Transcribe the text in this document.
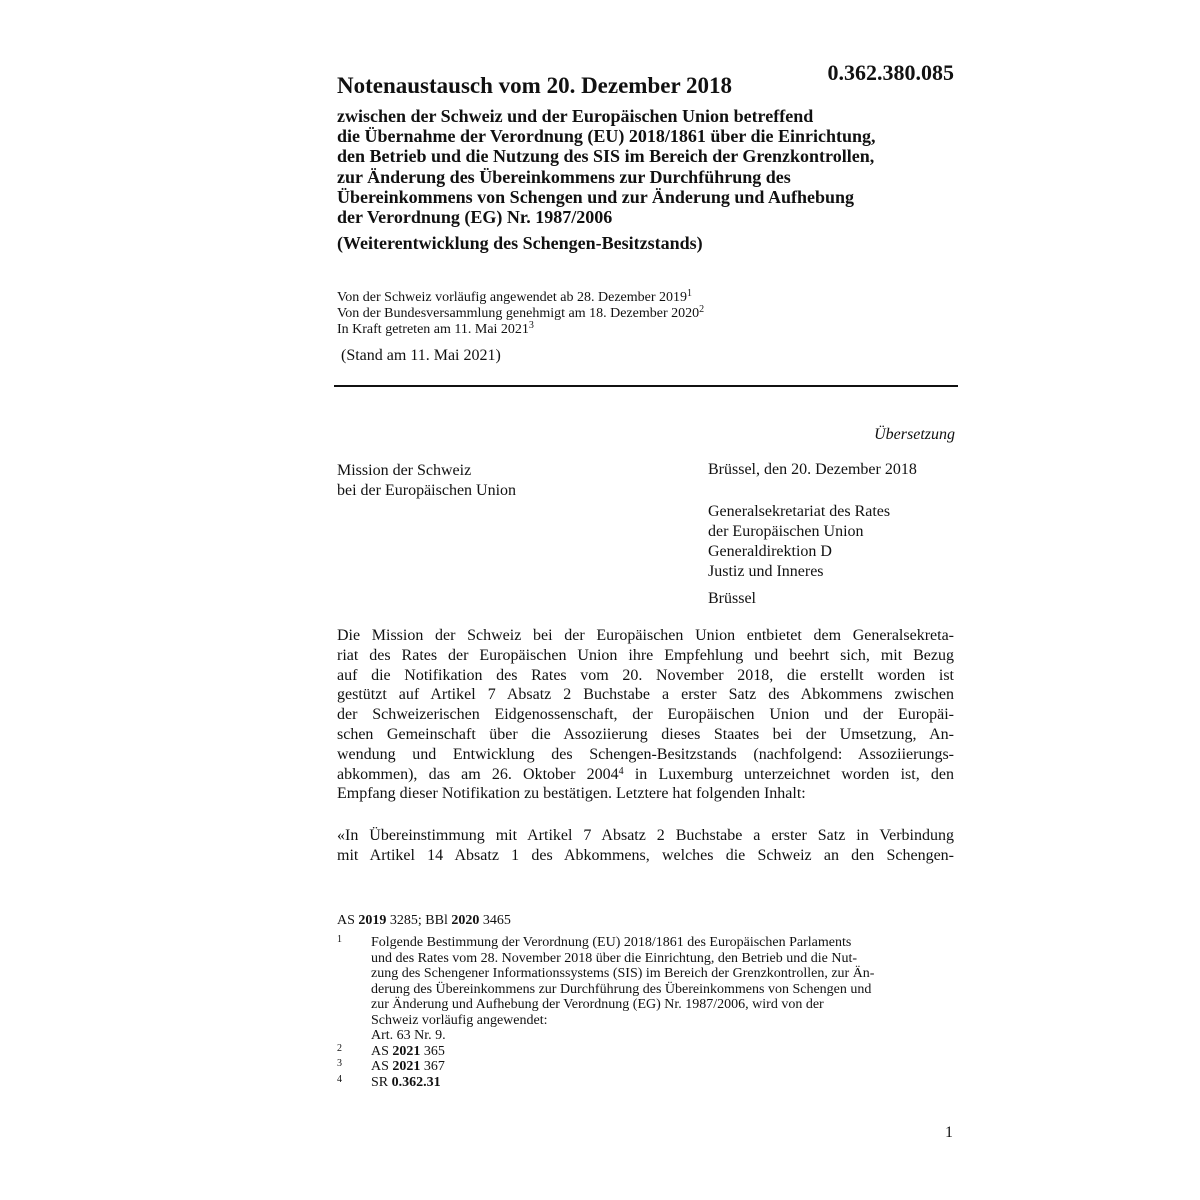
0.362.380.085
Notenaustausch vom 20. Dezember 2018
zwischen der Schweiz und der Europäischen Union betreffend
die Übernahme der Verordnung (EU) 2018/1861 über die Einrichtung,
den Betrieb und die Nutzung des SIS im Bereich der Grenzkontrollen,
zur Änderung des Übereinkommens zur Durchführung des
Übereinkommens von Schengen und zur Änderung und Aufhebung
der Verordnung (EG) Nr. 1987/2006
(Weiterentwicklung des Schengen-Besitzstands)
Von der Schweiz vorläufig angewendet ab 28. Dezember 2019$^1$
Von der Bundesversammlung genehmigt am 18. Dezember 2020$^2$
In Kraft getreten am 11. Mai 2021$^3$
(Stand am 11. Mai 2021)
Übersetzung
Mission der Schweiz
bei der Europäischen Union
Brüssel, den 20. Dezember 2018
Generalsekretariat des Rates
der Europäischen Union
Generaldirektion D
Justiz und Inneres
Brüssel
Die Mission der Schweiz bei der Europäischen Union entbietet dem Generalsekreta-
riat des Rates der Europäischen Union ihre Empfehlung und beehrt sich, mit Bezug
auf die Notifikation des Rates vom 20. November 2018, die erstellt worden ist
gestützt auf Artikel 7 Absatz 2 Buchstabe a erster Satz des Abkommens zwischen
der Schweizerischen Eidgenossenschaft, der Europäischen Union und der Europäi-
schen Gemeinschaft über die Assoziierung dieses Staates bei der Umsetzung, An-
wendung und Entwicklung des Schengen-Besitzstands (nachfolgend: Assoziierungs-
abkommen), das am 26. Oktober 2004$^4$ in Luxemburg unterzeichnet worden ist, den
Empfang dieser Notifikation zu bestätigen. Letztere hat folgenden Inhalt:
«In Übereinstimmung mit Artikel 7 Absatz 2 Buchstabe a erster Satz in Verbindung
mit Artikel 14 Absatz 1 des Abkommens, welches die Schweiz an den Schengen-
AS 2019 3285; BBl 2020 3465
1 Folgende Bestimmung der Verordnung (EU) 2018/1861 des Europäischen Parlaments
und des Rates vom 28. November 2018 über die Einrichtung, den Betrieb und die Nut-
zung des Schengener Informationssystems (SIS) im Bereich der Grenzkontrollen, zur Än-
derung des Übereinkommens zur Durchführung des Übereinkommens von Schengen und
zur Änderung und Aufhebung der Verordnung (EG) Nr. 1987/2006, wird von der
Schweiz vorläufig angewendet:
Art. 63 Nr. 9.
2 AS 2021 365
3 AS 2021 367
4 SR 0.362.31
1
